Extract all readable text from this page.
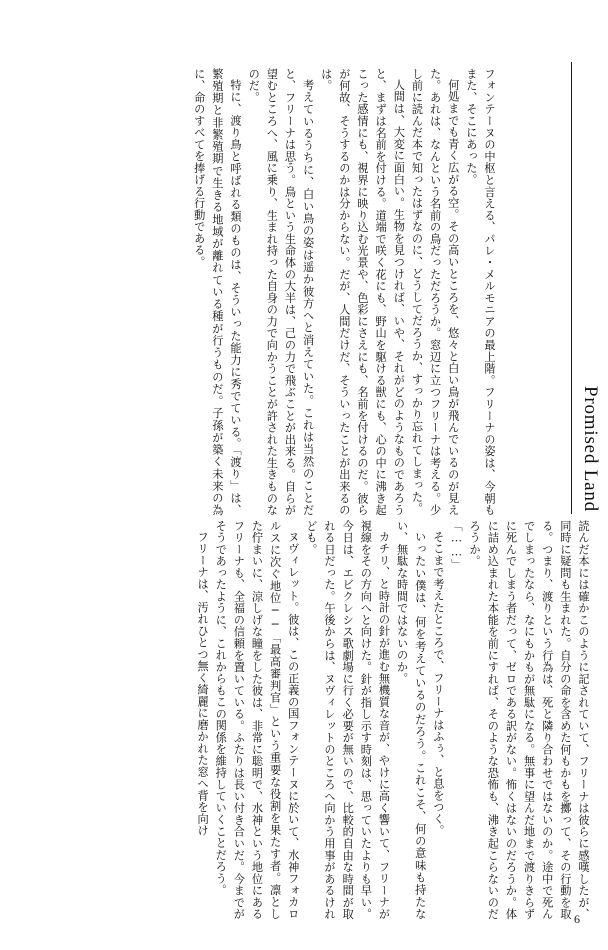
Promised Land

フォンテーヌの中枢と言える、パレ・メルモニアの最上階。フリーナの姿は、今朝もまた、そこにあった。

何処までも青く広がる空。その高いところを、悠々と白い鳥が飛んでいるのが見えた。あれは、なんという名前の鳥だっただろうか。窓辺に立つフリーナは考える。少し前に読んだ本で知ったはずなのに、どうしてだろうか、すっかり忘れてしまった。

人間は、大変に面白い。生物を見つければ、いや、それがどのようなものであろうと、まずは名前を付ける。道端で咲く花にも、野山を駆ける獣にも、心の中に沸き起こった感情にも、視界に映り込む光景や、色彩にさえにも、名前を付けるのだ。彼らが何故、そうするのかは分からない。だが、人間だけだ、そういったことが出来るのは。

考えているうちに、白い鳥の姿は遥か彼方へと消えていた。これは当然のことだと、フリーナは思う。鳥という生命体の大半は、己の力で飛ぶことが出来る。自らが望むところへ、風に乗り、生まれ持った自身の力で向かうことが許された生きものなのだ。

特に、渡り鳥と呼ばれる類のものは、そういった能力に秀でている。「渡り」は、繁殖期と非繁殖期で生きる地域が離れている種が行うものだ。子孫が築く未来の為に、命のすべてを捧げる行動である。

読んだ本には確かこのように記されていて、フリーナは彼らに感嘆したが、同時に疑問も生まれた。自分の命を含めた何もかもを擲って、その行動を取る。つまり、渡りという行為は、死と隣り合わせではないのか。途中で死んでしまったなら、なにもかもが無駄になる。無事に望んだ地まで渡りきらずに死んでしまう者だって、ゼロである訳がない。怖くはないのだろうか。体に詰め込まれた本能を前にすれば、そのような恐怖も、沸き起こらないのだろうか。

「……」

そこまで考えたところで、フリーナはふぅ、と息をつく。

いったい僕は、何を考えているのだろう。これこそ、何の意味も持たない、無駄な時間ではないのか。

カチリ、と時計の針が進む無機質な音が、やけに高く響いて、フリーナが視線をその方向へと向けた。針が指し示す時刻は、思っていたよりも早い。今日は、エビクレシス歌劇場に行く必要が無いので、比較的自由な時間が取れる日だった。午後からは、ヌヴィレットのところへ向かう用事があるけれども。

ヌヴィレット。彼は、この正義の国フォンテーヌに於いて、水神フォカロルスに次ぐ地位──「最高審判官」という重要な役割を果たす者。凛とした佇まいに、涼しげな瞳をした彼は、非常に聡明で、水神という地位にあるフリーナも、全福の信頼を置いている。ふたりは長い付き合いだ。今までがそうであったように、これからもこの関係を維持していくことだろう。

フリーナは、汚れひとつ無く綺麗に磨かれた窓へ背を向け

6
